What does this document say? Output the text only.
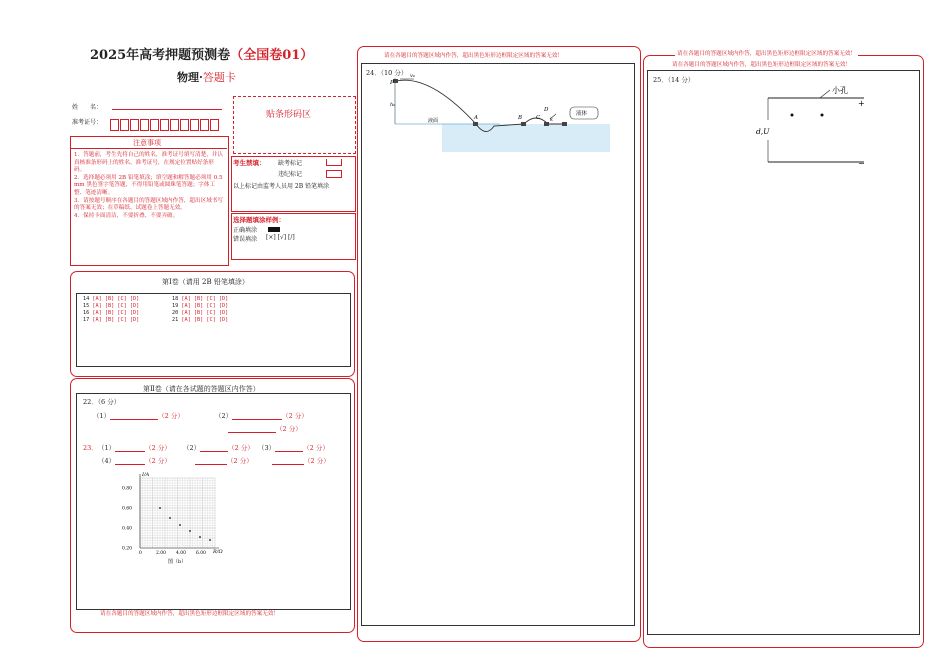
2025年高考押题预测卷（全国卷01）
物理·答题卡
姓　　名：
准考证号：
注意事项

1．答题前，考生先将自己的姓名，准考证号填写清楚，并认真核准条形码上的姓名、准考证号，在规定位置贴好条形码。

2．选择题必须用 2B 铅笔填涂；填空题和解答题必须用 0.5 mm 黑色签字笔答题，不得用铅笔或圆珠笔答题；字体工整、笔迹清晰。

3．请按题号顺序在各题目的答题区域内作答，超出区域书写的答案无效；在草稿纸、试题卷上答题无效。

4．保持卡面清洁，不要折叠、不要弄破。

贴条形码区
考生禁填： 缺考标记
违纪标记
以上标记由监考人员用 2B 铅笔填涂
选择题填涂样例：
正确填涂
错误填涂 [×] [√] [/]
第Ⅰ卷（请用 2B 铅笔填涂）
14 [A] [B] [C] [D]
15 [A] [B] [C] [D]
16 [A] [B] [C] [D]
17 [A] [B] [C] [D]
18 [A] [B] [C] [D]
19 [A] [B] [C] [D]
20 [A] [B] [C] [D]
21 [A] [B] [C] [D]
第Ⅱ卷（请在各试题的答题区内作答）
22．（6 分）
（1）	（2 分）	（2）	（2 分）
（2 分）
23． （1）	（2 分） （2）	（2 分） （3）	（2 分）
（4）	（2 分）	（2 分）	（2 分）
I/A
R/Ω
0.80
0.60
0.40
0.20
0	2.00 4.00 6.00
图（b）
请在各题目的答题区域内作答，超出黑色矩形边框限定区域的答案无效！
请在各题目的答题区域内作答，超出黑色矩形边框限定区域的答案无效！
24．（10 分）
P
v₀
h₀
液面	A	B	C
D
k
液体
请在各题目的答题区域内作答，超出黑色矩形边框限定区域的答案无效！
请在各题目的答题区域内作答，超出黑色矩形边框限定区域的答案无效！
25．（14 分）
小孔
d,U
+
−
